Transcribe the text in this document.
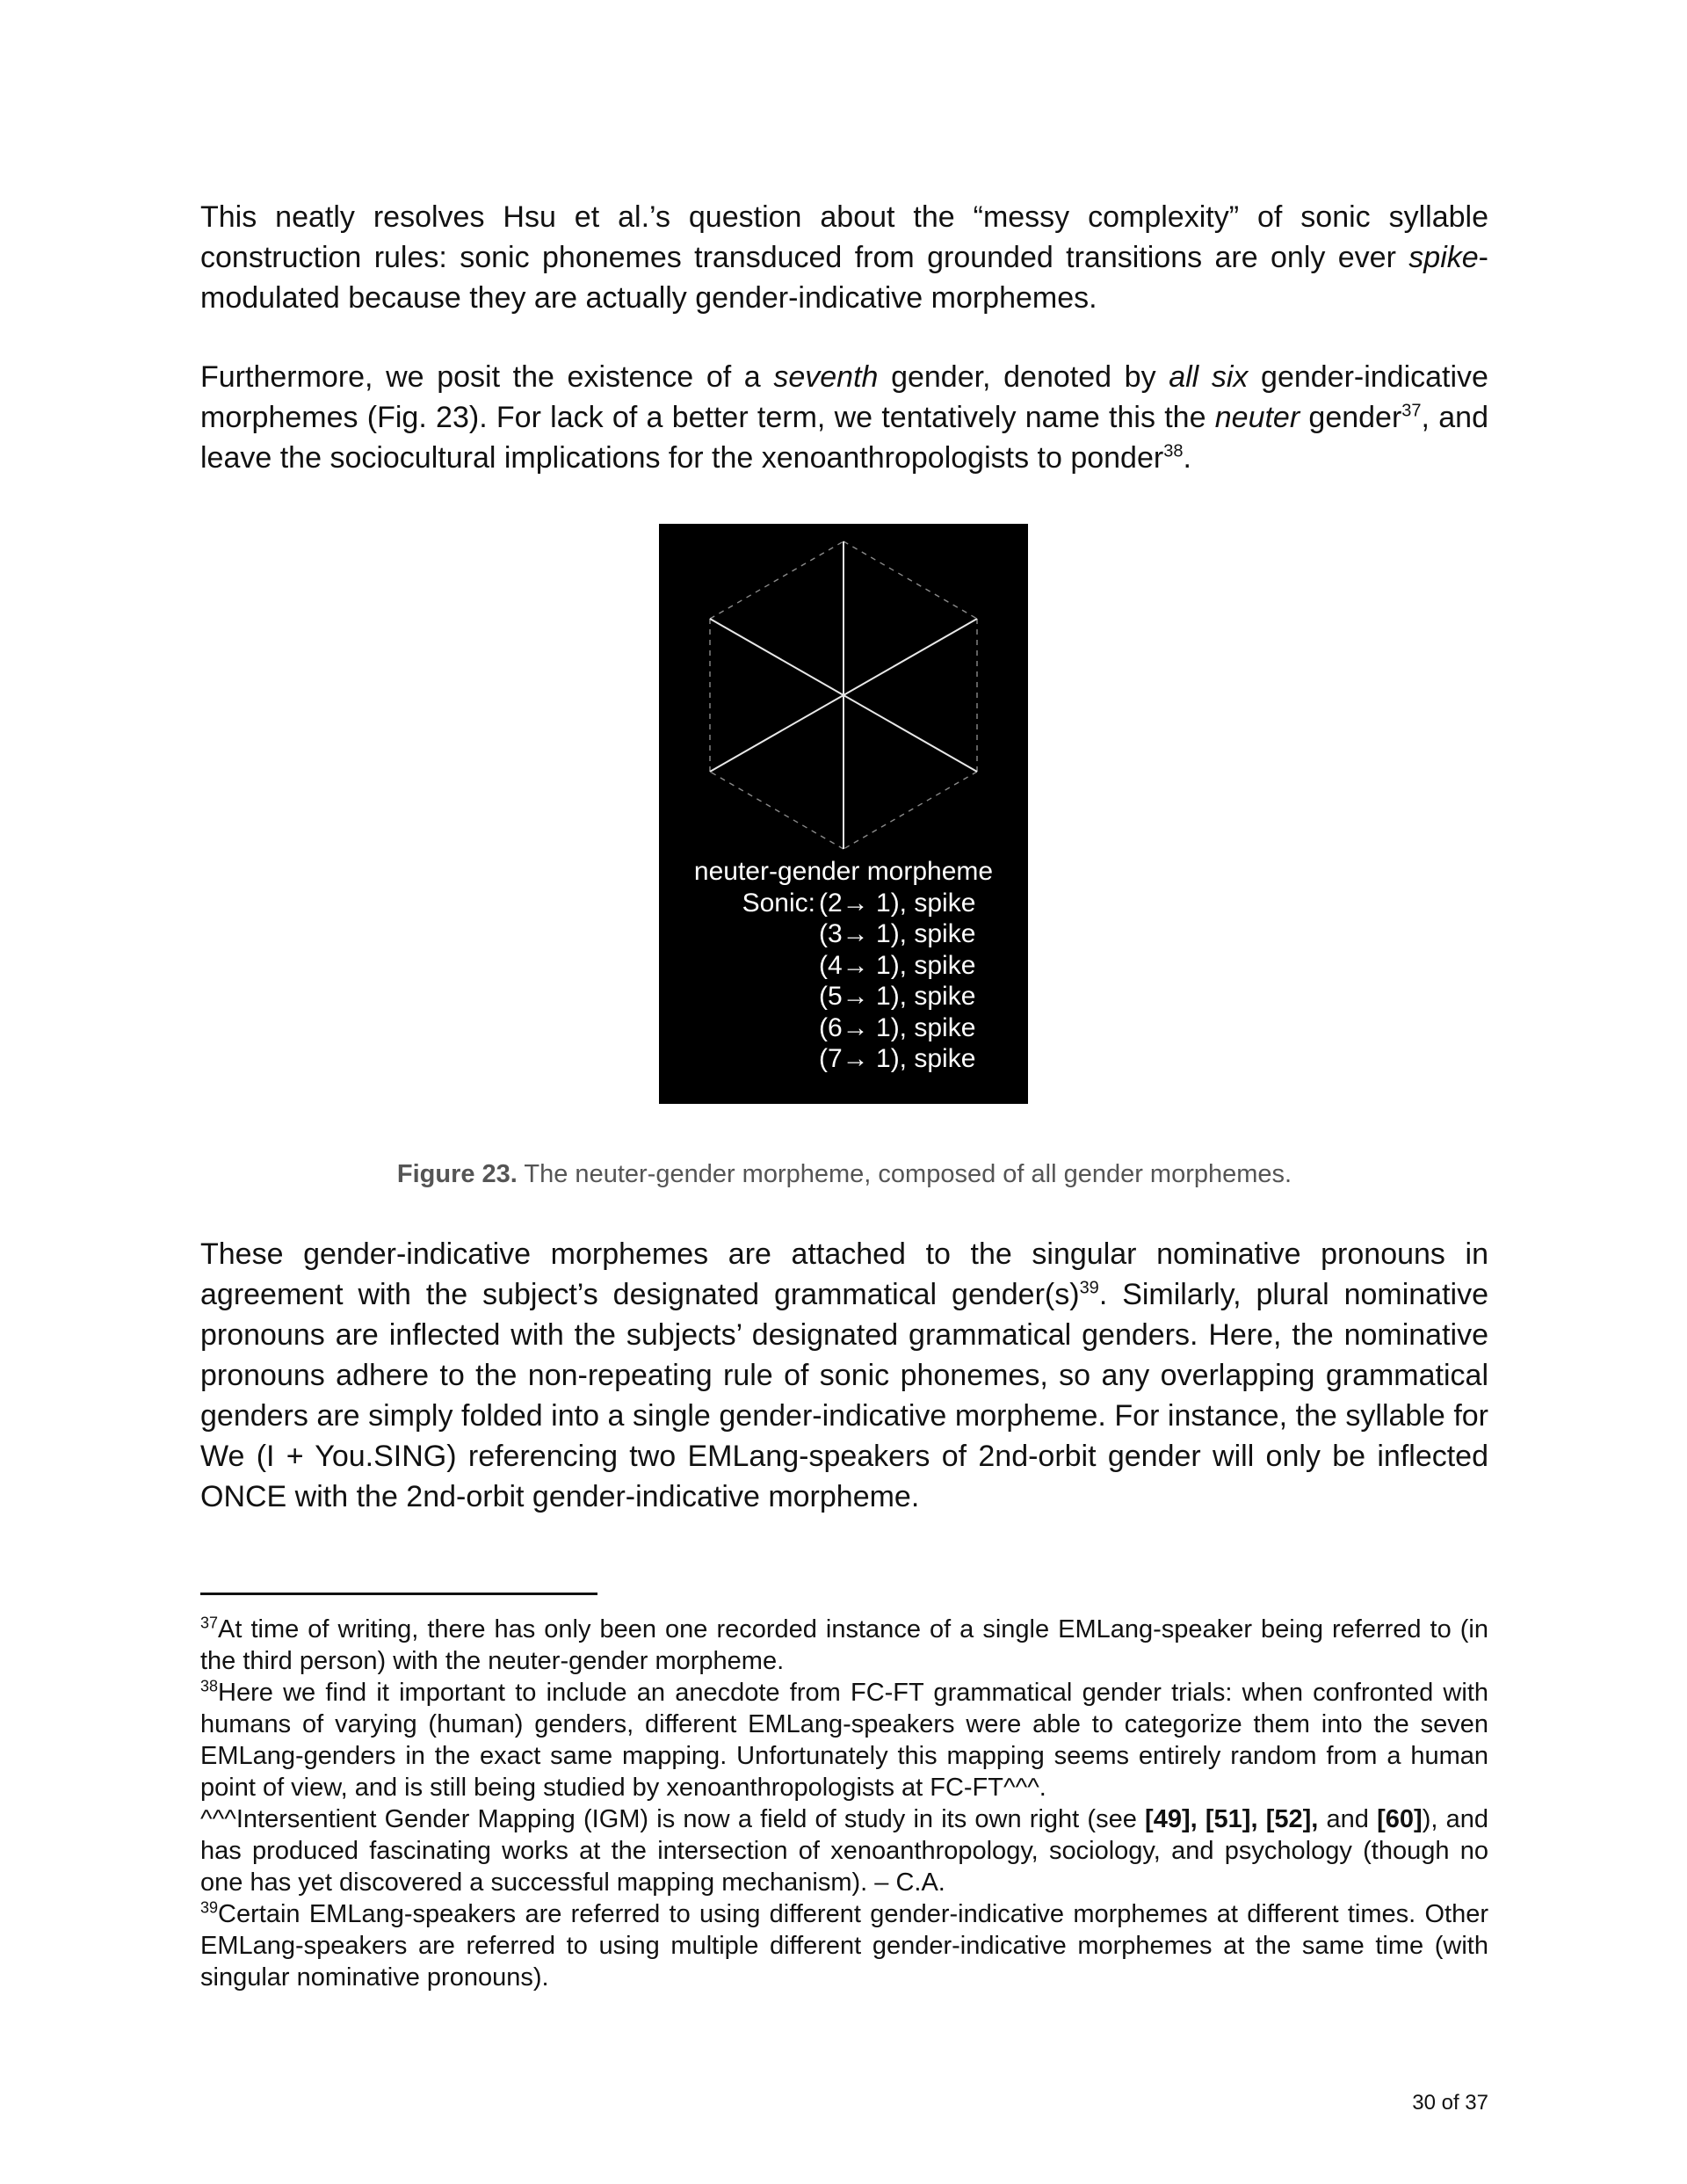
This neatly resolves Hsu et al.’s question about the “messy complexity” of sonic syllable construction rules: sonic phonemes transduced from grounded transitions are only ever spike-modulated because they are actually gender-indicative morphemes.

Furthermore, we posit the existence of a seventh gender, denoted by all six gender-indicative morphemes (Fig. 23). For lack of a better term, we tentatively name this the neuter gender$^{37}$, and leave the sociocultural implications for the xenoanthropologists to ponder$^{38}$.

neuter-gender morpheme
Sonic: (2→ 1), spike
(3→ 1), spike
(4→ 1), spike
(5→ 1), spike
(6→ 1), spike
(7→ 1), spike
Figure 23. The neuter-gender morpheme, composed of all gender morphemes.

These gender-indicative morphemes are attached to the singular nominative pronouns in agreement with the subject’s designated grammatical $gender(s)^{39}$. Similarly, plural nominative pronouns are inflected with the subjects’ designated grammatical genders. Here, the nominative pronouns adhere to the non-repeating rule of sonic phonemes, so any overlapping grammatical genders are simply folded into a single gender-indicative morpheme. For instance, the syllable for We (I + You.SING) referencing two EMLang-speakers of 2nd-orbit gender will only be inflected ONCE with the 2nd-orbit gender-indicative morpheme.

$^{37}$At time of writing, there has only been one recorded instance of a single EMLang-speaker being referred to (in the third person) with the neuter-gender morpheme.

$^{38}$Here we find it important to include an anecdote from FC-FT grammatical gender trials: when confronted with humans of varying (human) genders, different EMLang-speakers were able to categorize them into the seven EMLang-genders in the exact same mapping. Unfortunately this mapping seems entirely random from a human point of view, and is still being studied by xenoanthropologists at FC-FT^^^.

^^^Intersentient Gender Mapping (IGM) is now a field of study in its own right (see [49], [51], [52], and [60]), and has produced fascinating works at the intersection of xenoanthropology, sociology, and psychology (though no one has yet discovered a successful mapping mechanism). – C.A.

$^{39}$Certain EMLang-speakers are referred to using different gender-indicative morphemes at different times. Other EMLang-speakers are referred to using multiple different gender-indicative morphemes at the same time (with singular nominative pronouns).

30 of 37
